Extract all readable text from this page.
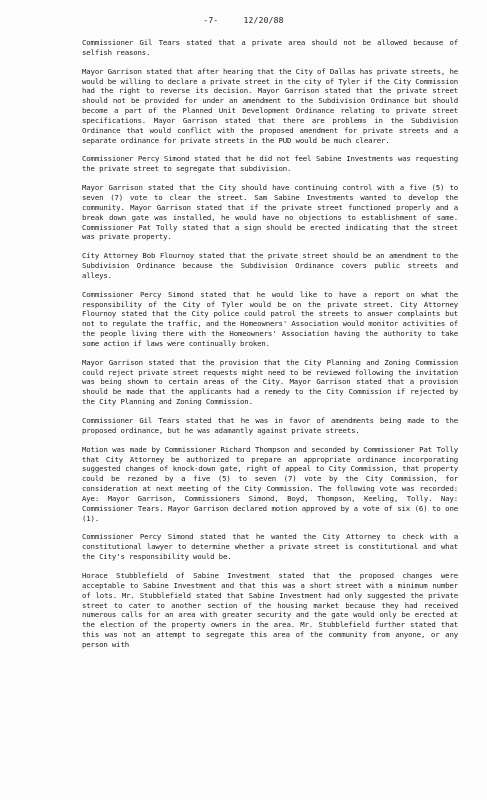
-7-	12/20/88

Commissioner Gil Tears stated that a private area should not be allowed because of selfish reasons.

Mayor Garrison stated that after hearing that the City of Dallas has private streets, he would be willing to declare a private street in the city of Tyler if the City Commission had the right to reverse its decision. Mayor Garrison stated that the private street should not be provided for under an amendment to the Subdivision Ordinance but should become a part of the Planned Unit Development Ordinance relating to private street specifications. Mayor Garrison stated that there are problems in the Subdivision Ordinance that would conflict with the proposed amendment for private streets and a separate ordinance for private streets in the PUD would be much clearer.

Commissioner Percy Simond stated that he did not feel Sabine Investments was requesting the private street to segregate that subdivision.

Mayor Garrison stated that the City should have continuing control with a five (5) to seven (7) vote to clear the street. Sam Sabine Investments wanted to develop the community. Mayor Garrison stated that if the private street functioned properly and a break down gate was installed, he would have no objections to establishment of same. Commissioner Pat Tolly stated that a sign should be erected indicating that the street was private property.

City Attorney Bob Flournoy stated that the private street should be an amendment to the Subdivision Ordinance because the Subdivision Ordinance covers public streets and alleys.

Commissioner Percy Simond stated that he would like to have a report on what the responsibility of the City of Tyler would be on the private street. City Attorney Flournoy stated that the City police could patrol the streets to answer complaints but not to regulate the traffic, and the Homeowners' Association would monitor activities of the people living there with the Homeowners' Association having the authority to take some action if laws were continually broken.

Mayor Garrison stated that the provision that the City Planning and Zoning Commission could reject private street requests might need to be reviewed following the invitation was being shown to certain areas of the City. Mayor Garrison stated that a provision should be made that the applicants had a remedy to the City Commission if rejected by the City Planning and Zoning Commission.

Commissioner Gil Tears stated that he was in favor of amendments being made to the proposed ordinance, but he was adamantly against private streets.

Motion was made by Commissioner Richard Thompson and seconded by Commissioner Pat Tolly that City Attorney be authorized to prepare an appropriate ordinance incorporating suggested changes of knock-down gate, right of appeal to City Commission, that property could be rezoned by a five (5) to seven (7) vote by the City Commission, for consideration at next meeting of the City Commission. The following vote was recorded: Aye: Mayor Garrison, Commissioners Simond, Boyd, Thompson, Keeling, Tolly. Nay: Commissioner Tears. Mayor Garrison declared motion approved by a vote of six (6) to one (1).

Commissioner Percy Simond stated that he wanted the City Attorney to check with a constitutional lawyer to determine whether a private street is constitutional and what the City's responsibility would be.

Horace Stubblefield of Sabine Investment stated that the proposed changes were acceptable to Sabine Investment and that this was a short street with a minimum number of lots. Mr. Stubblefield stated that Sabine Investment had only suggested the private street to cater to another section of the housing market because they had received numerous calls for an area with greater security and the gate would only be erected at the election of the property owners in the area. Mr. Stubblefield further stated that this was not an attempt to segregate this area of the community from anyone, or any person with
